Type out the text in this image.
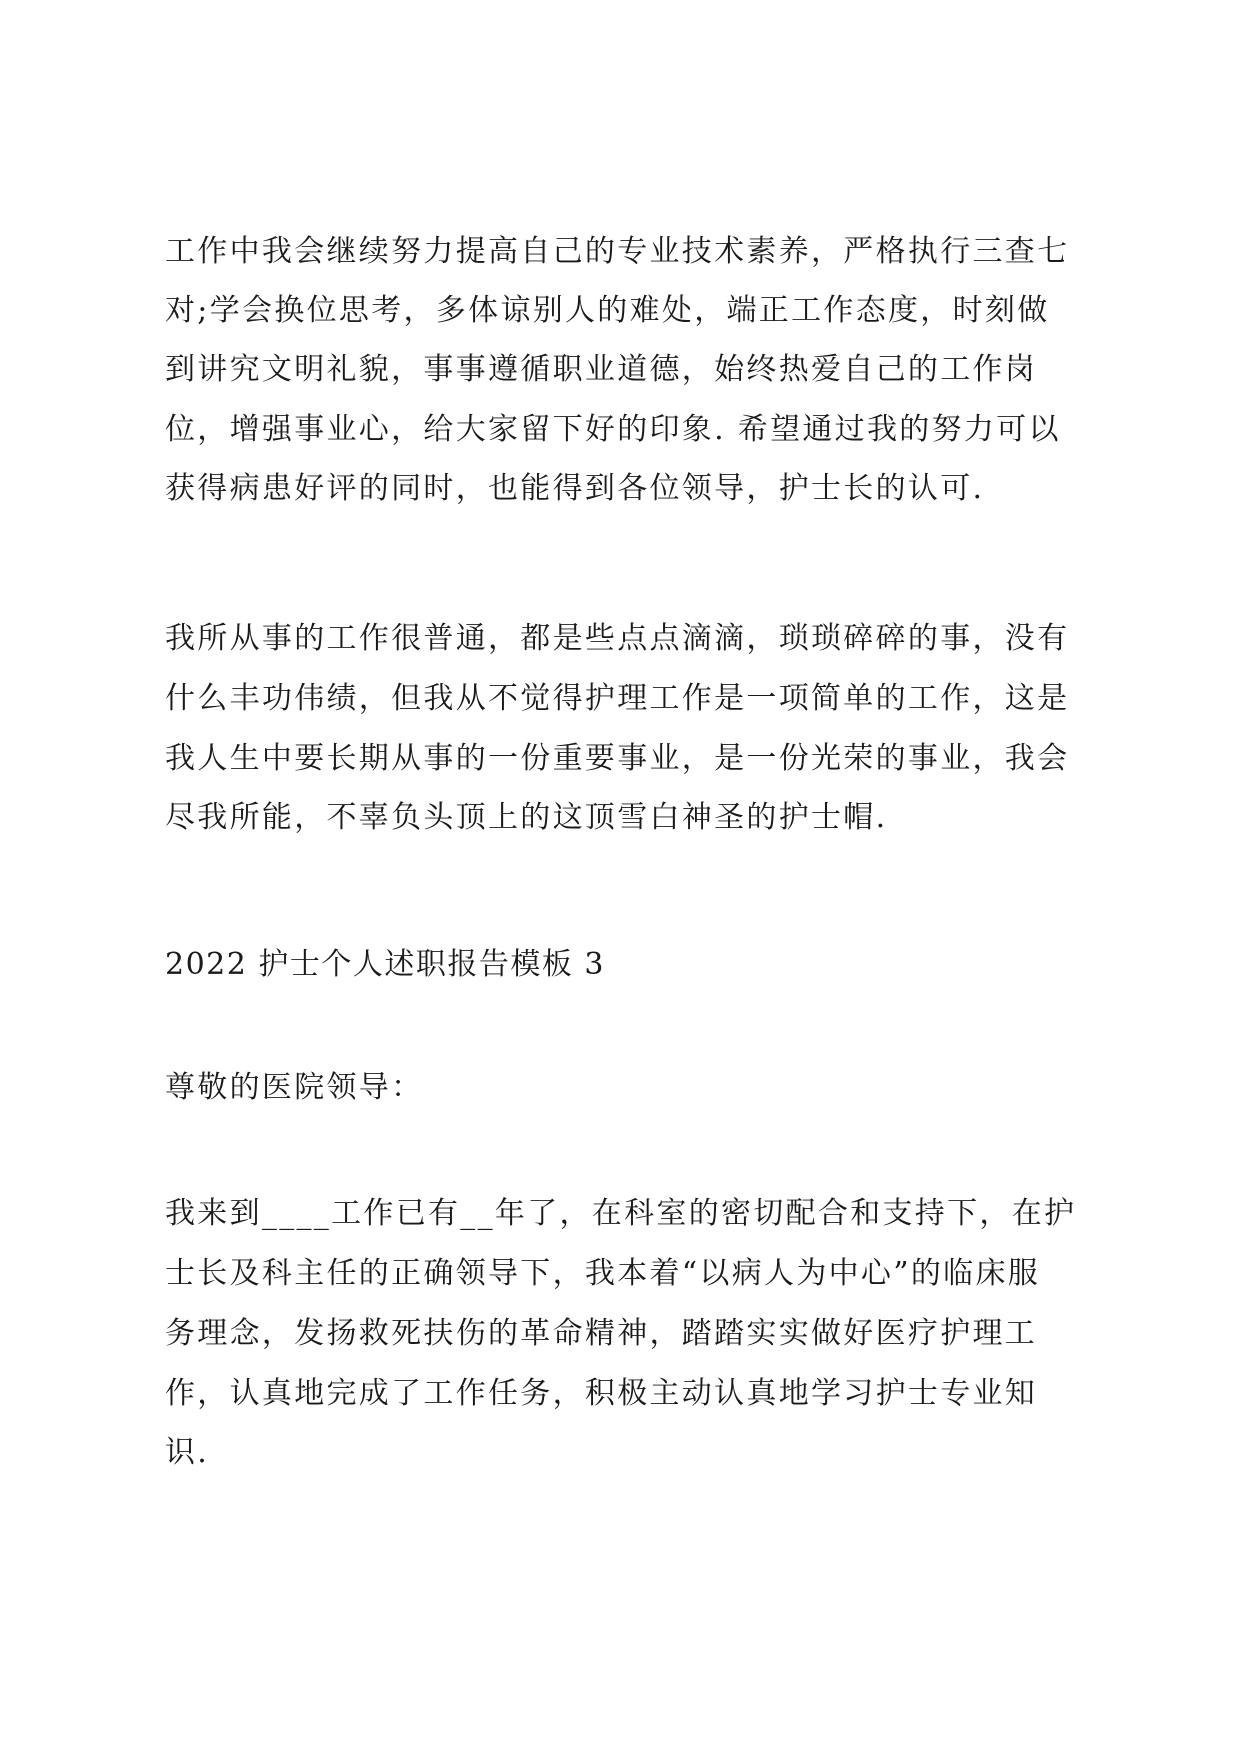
工作中我会继续努力提高自己的专业技术素养，严格执行三查七

对;学会换位思考，多体谅别人的难处，端正工作态度，时刻做

到讲究文明礼貌，事事遵循职业道德，始终热爱自己的工作岗

位，增强事业心，给大家留下好的印象. 希望通过我的努力可以

获得病患好评的同时，也能得到各位领导，护士长的认可.

我所从事的工作很普通，都是些点点滴滴，琐琐碎碎的事，没有

什么丰功伟绩，但我从不觉得护理工作是一项简单的工作，这是

我人生中要长期从事的一份重要事业，是一份光荣的事业，我会

尽我所能，不辜负头顶上的这顶雪白神圣的护士帽.

2022 护士个人述职报告模板 3

尊敬的医院领导：

我来到____工作已有__年了，在科室的密切配合和支持下，在护

士长及科主任的正确领导下，我本着“以病人为中心”的临床服

务理念，发扬救死扶伤的革命精神，踏踏实实做好医疗护理工

作，认真地完成了工作任务，积极主动认真地学习护士专业知

识.
